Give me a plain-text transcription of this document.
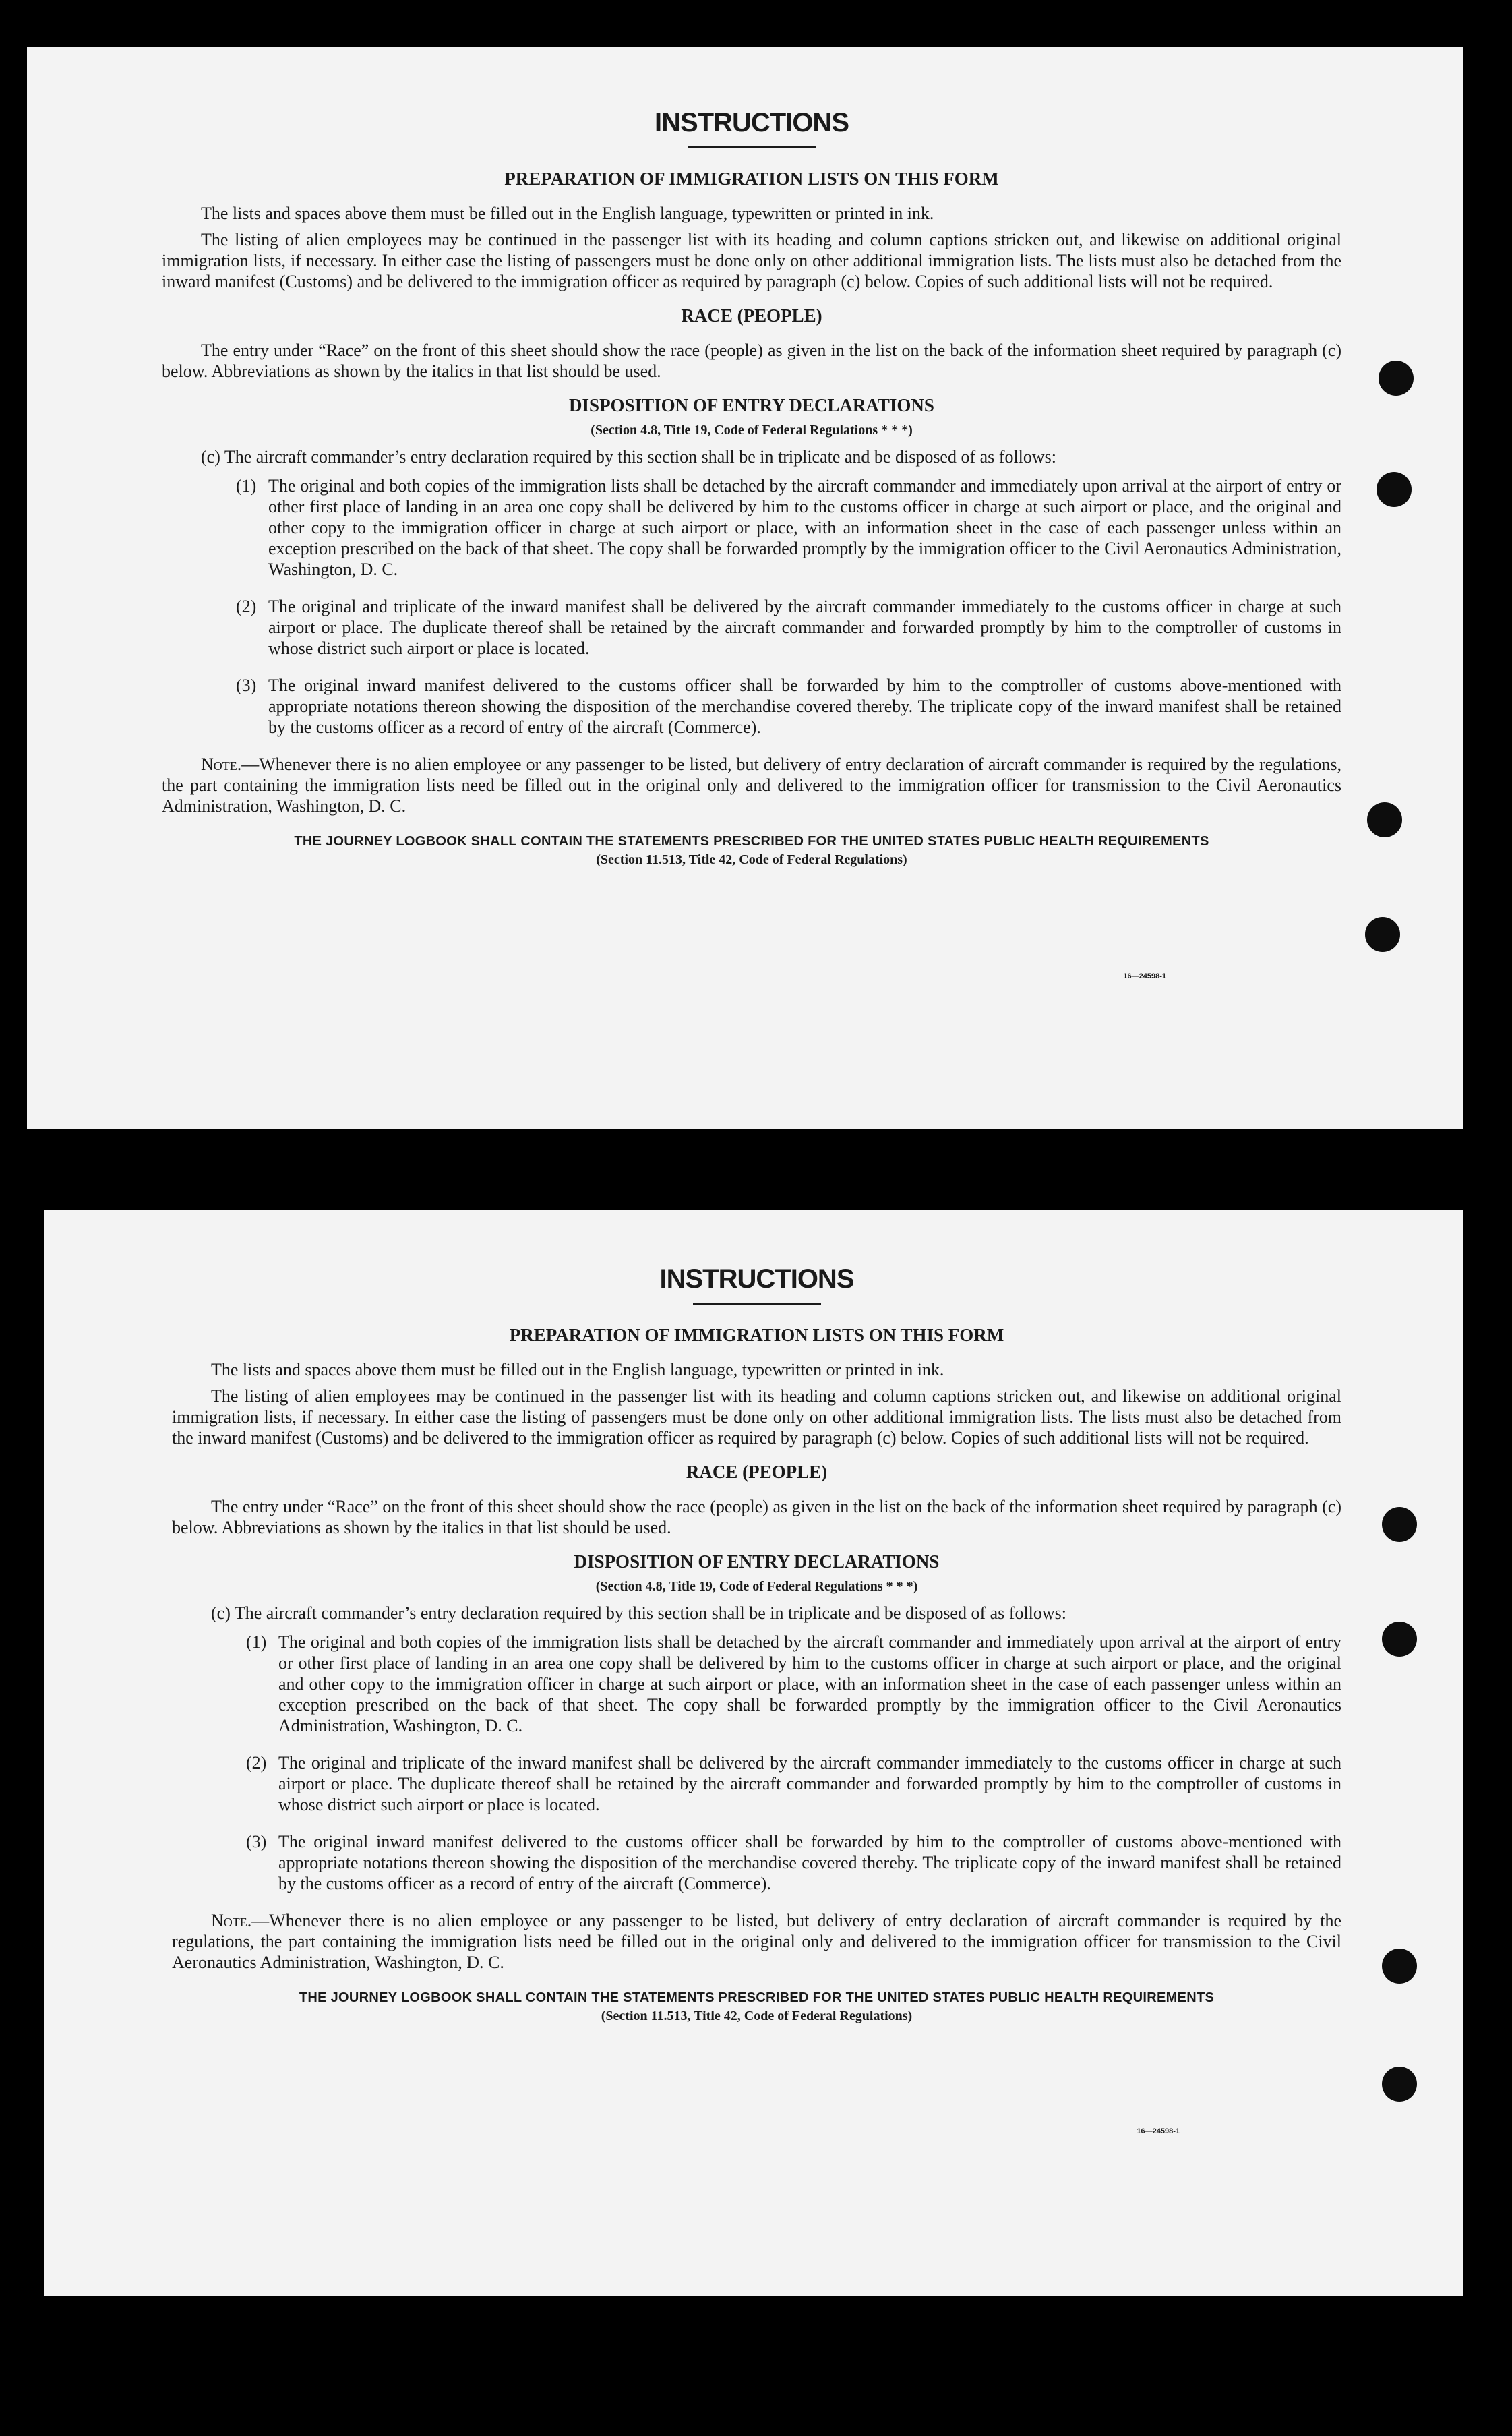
INSTRUCTIONS
PREPARATION OF IMMIGRATION LISTS ON THIS FORM

The lists and spaces above them must be filled out in the English language, typewritten or printed in ink.

The listing of alien employees may be continued in the passenger list with its heading and column captions stricken out, and likewise on additional original immigration lists, if necessary. In either case the listing of passengers must be done only on other additional immigration lists. The lists must also be detached from the inward manifest (Customs) and be delivered to the immigration officer as required by paragraph (c) below. Copies of such additional lists will not be required.

RACE (PEOPLE)

The entry under “Race” on the front of this sheet should show the race (people) as given in the list on the back of the information sheet required by paragraph (c) below. Abbreviations as shown by the italics in that list should be used.

DISPOSITION OF ENTRY DECLARATIONS
(Section 4.8, Title 19, Code of Federal Regulations * * *)

(c) The aircraft commander’s entry declaration required by this section shall be in triplicate and be disposed of as follows:

(1) The original and both copies of the immigration lists shall be detached by the aircraft commander and immediately upon arrival at the airport of entry or other first place of landing in an area one copy shall be delivered by him to the customs officer in charge at such airport or place, and the original and other copy to the immigration officer in charge at such airport or place, with an information sheet in the case of each passenger unless within an exception prescribed on the back of that sheet. The copy shall be forwarded promptly by the immigration officer to the Civil Aeronautics Administration, Washington, D. C.
(2) The original and triplicate of the inward manifest shall be delivered by the aircraft commander immediately to the customs officer in charge at such airport or place. The duplicate thereof shall be retained by the aircraft commander and forwarded promptly by him to the comptroller of customs in whose district such airport or place is located.
(3) The original inward manifest delivered to the customs officer shall be forwarded by him to the comptroller of customs above-mentioned with appropriate notations thereon showing the disposition of the merchandise covered thereby. The triplicate copy of the inward manifest shall be retained by the customs officer as a record of entry of the aircraft (Commerce).

Note.—Whenever there is no alien employee or any passenger to be listed, but delivery of entry declaration of aircraft commander is required by the regulations, the part containing the immigration lists need be filled out in the original only and delivered to the immigration officer for transmission to the Civil Aeronautics Administration, Washington, D. C.

THE JOURNEY LOGBOOK SHALL CONTAIN THE STATEMENTS PRESCRIBED FOR THE UNITED STATES PUBLIC HEALTH REQUIREMENTS
(Section 11.513, Title 42, Code of Federal Regulations)
16—24598-1
INSTRUCTIONS
PREPARATION OF IMMIGRATION LISTS ON THIS FORM

The lists and spaces above them must be filled out in the English language, typewritten or printed in ink.

The listing of alien employees may be continued in the passenger list with its heading and column captions stricken out, and likewise on additional original immigration lists, if necessary. In either case the listing of passengers must be done only on other additional immigration lists. The lists must also be detached from the inward manifest (Customs) and be delivered to the immigration officer as required by paragraph (c) below. Copies of such additional lists will not be required.

RACE (PEOPLE)

The entry under “Race” on the front of this sheet should show the race (people) as given in the list on the back of the information sheet required by paragraph (c) below. Abbreviations as shown by the italics in that list should be used.

DISPOSITION OF ENTRY DECLARATIONS
(Section 4.8, Title 19, Code of Federal Regulations * * *)

(c) The aircraft commander’s entry declaration required by this section shall be in triplicate and be disposed of as follows:

(1) The original and both copies of the immigration lists shall be detached by the aircraft commander and immediately upon arrival at the airport of entry or other first place of landing in an area one copy shall be delivered by him to the customs officer in charge at such airport or place, and the original and other copy to the immigration officer in charge at such airport or place, with an information sheet in the case of each passenger unless within an exception prescribed on the back of that sheet. The copy shall be forwarded promptly by the immigration officer to the Civil Aeronautics Administration, Washington, D. C.
(2) The original and triplicate of the inward manifest shall be delivered by the aircraft commander immediately to the customs officer in charge at such airport or place. The duplicate thereof shall be retained by the aircraft commander and forwarded promptly by him to the comptroller of customs in whose district such airport or place is located.
(3) The original inward manifest delivered to the customs officer shall be forwarded by him to the comptroller of customs above-mentioned with appropriate notations thereon showing the disposition of the merchandise covered thereby. The triplicate copy of the inward manifest shall be retained by the customs officer as a record of entry of the aircraft (Commerce).

Note.—Whenever there is no alien employee or any passenger to be listed, but delivery of entry declaration of aircraft commander is required by the regulations, the part containing the immigration lists need be filled out in the original only and delivered to the immigration officer for transmission to the Civil Aeronautics Administration, Washington, D. C.

THE JOURNEY LOGBOOK SHALL CONTAIN THE STATEMENTS PRESCRIBED FOR THE UNITED STATES PUBLIC HEALTH REQUIREMENTS
(Section 11.513, Title 42, Code of Federal Regulations)
16—24598-1
